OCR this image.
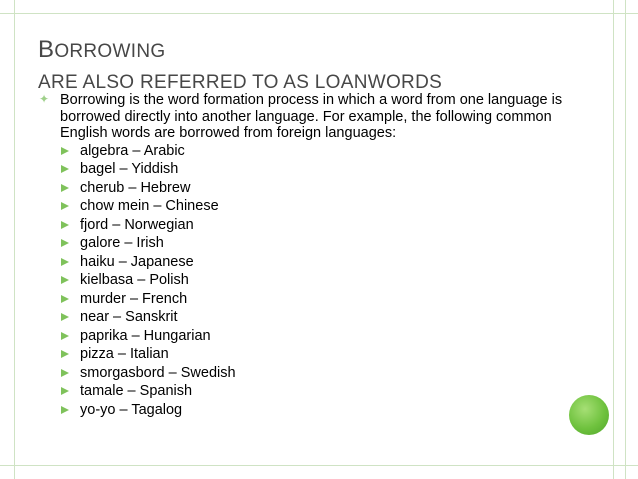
BORROWING
ARE ALSO REFERRED TO AS LOANWORDS
✦ Borrowing is the word formation process in which a word from one language is borrowed directly into another language. For example, the following common English words are borrowed from foreign languages:
algebra – Arabic
bagel – Yiddish
cherub – Hebrew
chow mein – Chinese
fjord – Norwegian
galore – Irish
haiku – Japanese
kielbasa – Polish
murder – French
near – Sanskrit
paprika – Hungarian
pizza – Italian
smorgasbord – Swedish
tamale – Spanish
yo-yo – Tagalog
